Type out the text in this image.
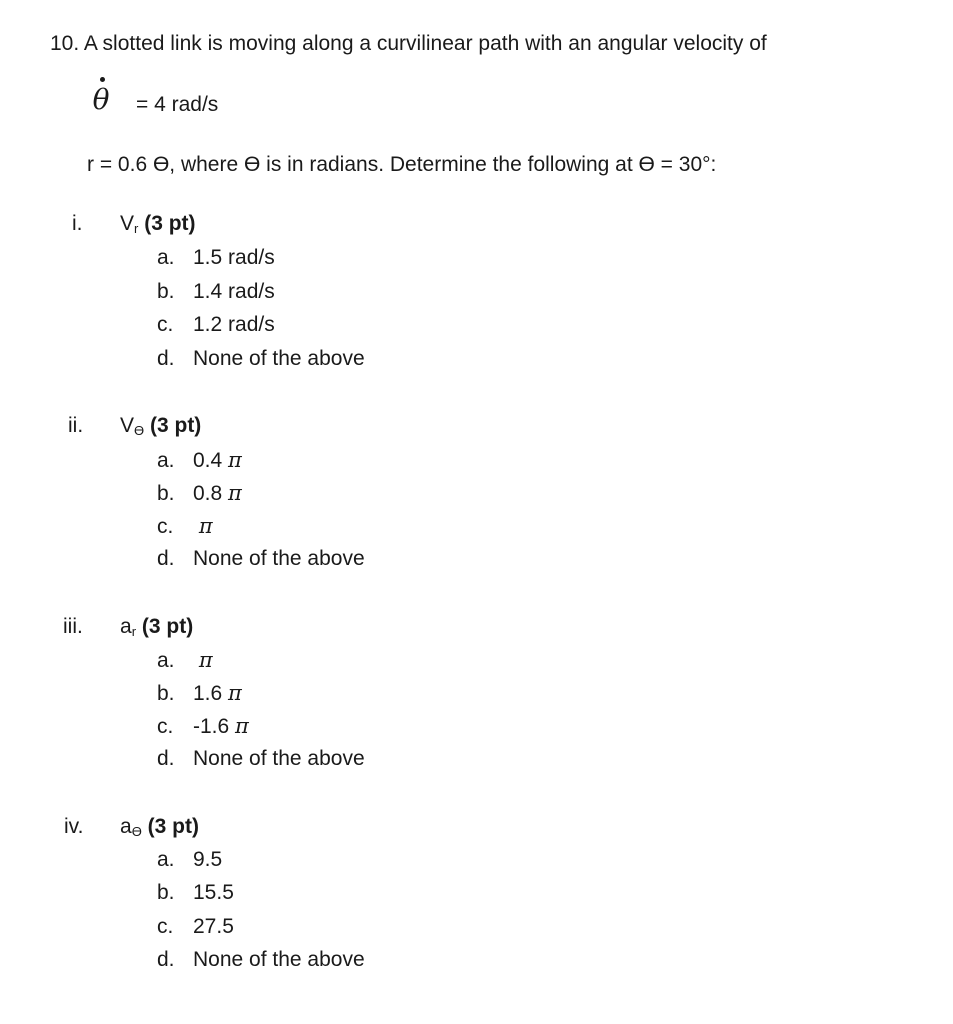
10. A slotted link is moving along a curvilinear path with an angular velocity of
θ = 4 rad/s
r = 0.6 ϴ, where ϴ is in radians. Determine the following at ϴ = 30°:
i. $V_r$ (3 pt)
a. 1.5 rad/s
b. 1.4 rad/s
c. 1.2 rad/s
d. None of the above
ii. $V_ϴ$ (3 pt)
a. 0.4 π
b. 0.8 π
c. π
d. None of the above
iii. $a_r$ (3 pt)
a. π
b. 1.6 π
c. -1.6 π
d. None of the above
iv. $a_ϴ$ (3 pt)
a. 9.5
b. 15.5
c. 27.5
d. None of the above
